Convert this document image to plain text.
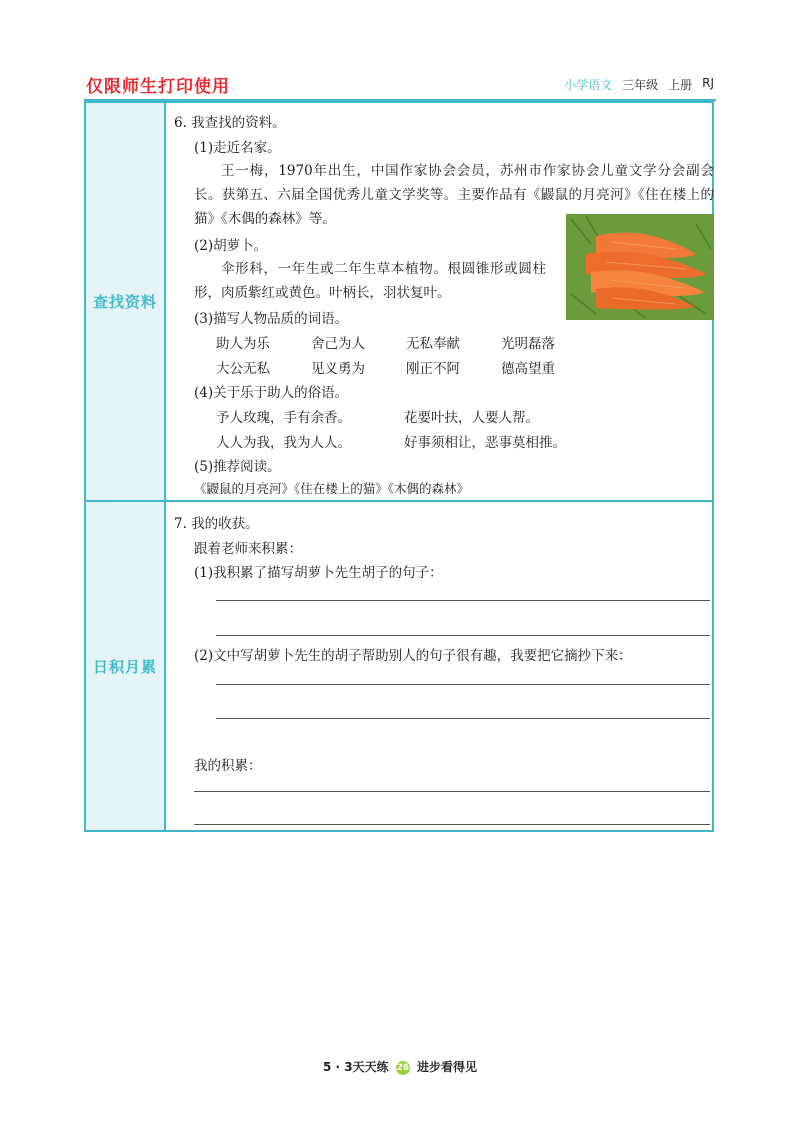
仅限师生打印使用	小学语文 三年级 上册 RJ
查找资料
6. 我查找的资料。
(1)走近名家。
王一梅，1970年出生，中国作家协会会员，苏州市作家协会儿童文学分会副会长。获第五、六届全国优秀儿童文学奖等。主要作品有《鼹鼠的月亮河》《住在楼上的猫》《木偶的森林》等。
(2)胡萝卜。
伞形科，一年生或二年生草本植物。根圆锥形或圆柱形，肉质紫红或黄色。叶柄长，羽状复叶。
(3)描写人物品质的词语。
助人为乐	舍己为人	无私奉献	光明磊落
大公无私	见义勇为	刚正不阿	德高望重
(4)关于乐于助人的俗语。
予人玫瑰，手有余香。	花要叶扶，人要人帮。
人人为我，我为人人。	好事须相让，恶事莫相推。
(5)推荐阅读。
《鼹鼠的月亮河》《住在楼上的猫》《木偶的森林》
日积月累
7. 我的收获。
跟着老师来积累：
(1)我积累了描写胡萝卜先生胡子的句子：
(2)文中写胡萝卜先生的胡子帮助别人的句子很有趣，我要把它摘抄下来：
我的积累：
5 · 3天天练 26 进步看得见
